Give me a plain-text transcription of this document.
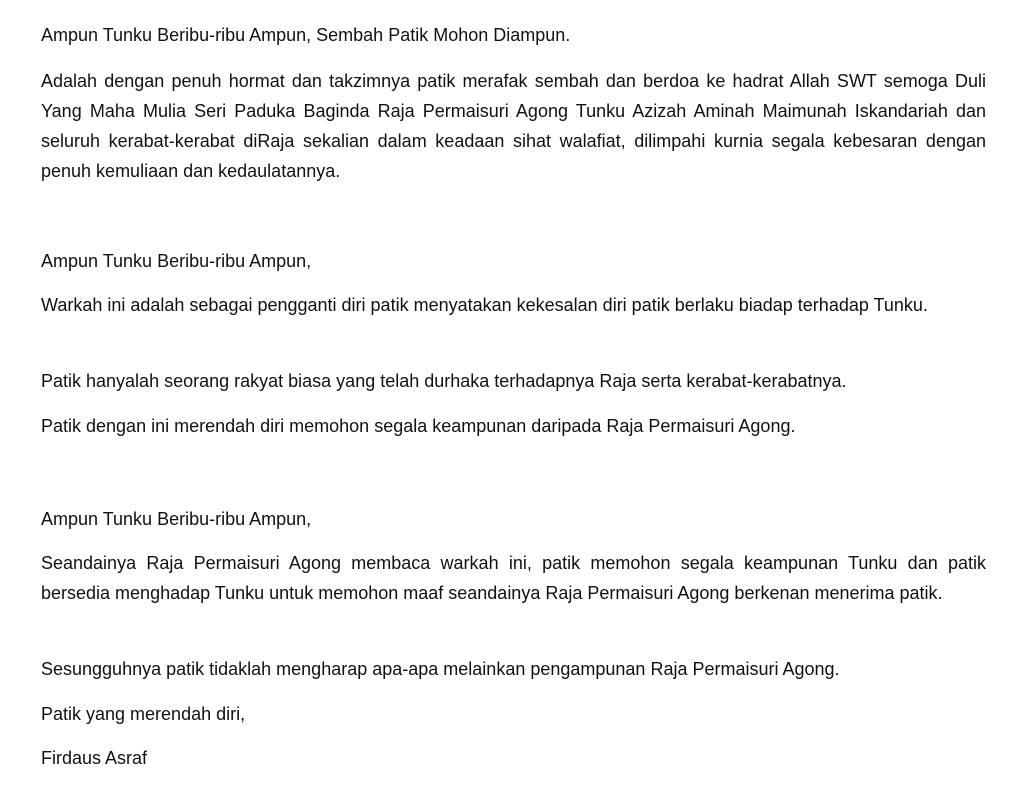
Ampun Tunku Beribu-ribu Ampun, Sembah Patik Mohon Diampun.

Adalah dengan penuh hormat dan takzimnya patik merafak sembah dan berdoa ke hadrat Allah SWT semoga Duli Yang Maha Mulia Seri Paduka Baginda Raja Permaisuri Agong Tunku Azizah Aminah Maimunah Iskandariah dan seluruh kerabat-kerabat diRaja sekalian dalam keadaan sihat walafiat, dilimpahi kurnia segala kebesaran dengan penuh kemuliaan dan kedaulatannya.

Ampun Tunku Beribu-ribu Ampun,

Warkah ini adalah sebagai pengganti diri patik menyatakan kekesalan diri patik berlaku biadap terhadap Tunku.

Patik hanyalah seorang rakyat biasa yang telah durhaka terhadapnya Raja serta kerabat-kerabatnya.

Patik dengan ini merendah diri memohon segala keampunan daripada Raja Permaisuri Agong.

Ampun Tunku Beribu-ribu Ampun,

Seandainya Raja Permaisuri Agong membaca warkah ini, patik memohon segala keampunan Tunku dan patik bersedia menghadap Tunku untuk memohon maaf seandainya Raja Permaisuri Agong berkenan menerima patik.

Sesungguhnya patik tidaklah mengharap apa-apa melainkan pengampunan Raja Permaisuri Agong.

Patik yang merendah diri,

Firdaus Asraf
